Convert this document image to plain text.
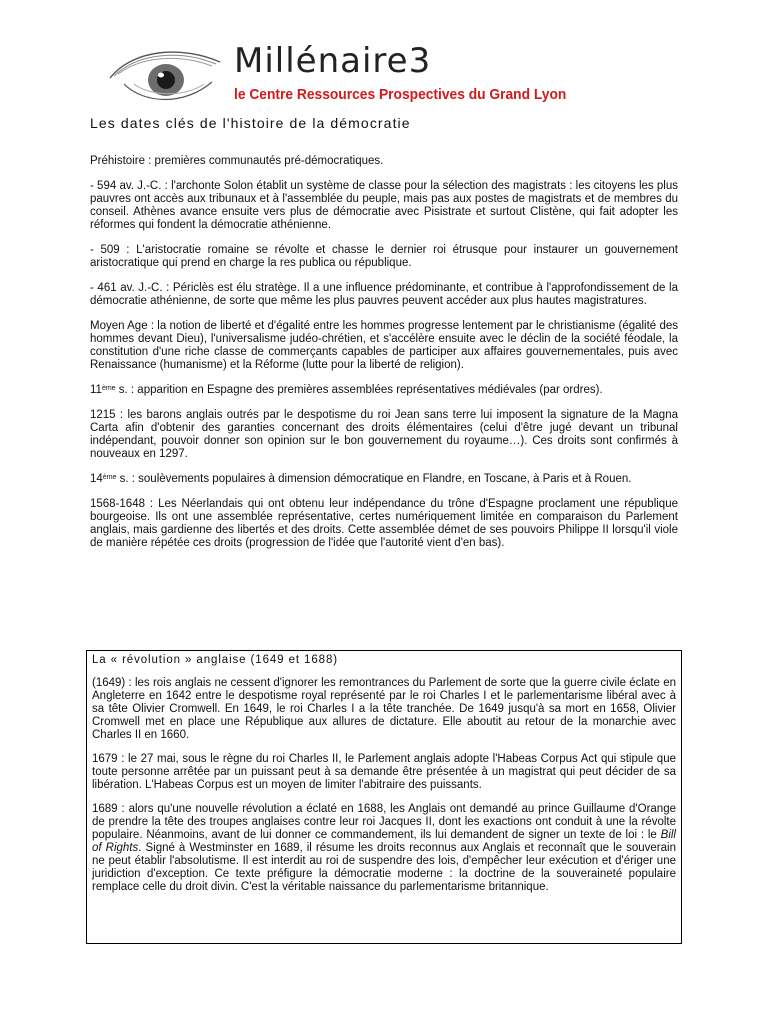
Millénaire3
le Centre Ressources Prospectives du Grand Lyon
Les dates clés de l'histoire de la démocratie

Préhistoire : premières communautés pré-démocratiques.

- 594 av. J.-C. : l'archonte Solon établit un système de classe pour la sélection des magistrats : les citoyens les plus pauvres ont accès aux tribunaux et à l'assemblée du peuple, mais pas aux postes de magistrats et de membres du conseil. Athènes avance ensuite vers plus de démocratie avec Pisistrate et surtout Clistène, qui fait adopter les réformes qui fondent la démocratie athénienne.

- 509 : L'aristocratie romaine se révolte et chasse le dernier roi étrusque pour instaurer un gouvernement aristocratique qui prend en charge la res publica ou république.

- 461 av. J.-C. : Périclès est élu stratège. Il a une influence prédominante, et contribue à l'approfondissement de la démocratie athénienne, de sorte que même les plus pauvres peuvent accéder aux plus hautes magistratures.

Moyen Age : la notion de liberté et d'égalité entre les hommes progresse lentement par le christianisme (égalité des hommes devant Dieu), l'universalisme judéo-chrétien, et s'accélère ensuite avec le déclin de la société féodale, la constitution d'une riche classe de commerçants capables de participer aux affaires gouvernementales, puis avec Renaissance (humanisme) et la Réforme (lutte pour la liberté de religion).

11ème s. : apparition en Espagne des premières assemblées représentatives médiévales (par ordres).

1215 : les barons anglais outrés par le despotisme du roi Jean sans terre lui imposent la signature de la Magna Carta afin d'obtenir des garanties concernant des droits élémentaires (celui d'être jugé devant un tribunal indépendant, pouvoir donner son opinion sur le bon gouvernement du royaume…). Ces droits sont confirmés à nouveaux en 1297.

14ème s. : soulèvements populaires à dimension démocratique en Flandre, en Toscane, à Paris et à Rouen.

1568-1648 : Les Néerlandais qui ont obtenu leur indépendance du trône d'Espagne proclament une république bourgeoise. Ils ont une assemblée représentative, certes numériquement limitée en comparaison du Parlement anglais, mais gardienne des libertés et des droits. Cette assemblée démet de ses pouvoirs Philippe II lorsqu'il viole de manière répétée ces droits (progression de l'idée que l'autorité vient d'en bas).

La « révolution » anglaise (1649 et 1688)

(1649) : les rois anglais ne cessent d'ignorer les remontrances du Parlement de sorte que la guerre civile éclate en Angleterre en 1642 entre le despotisme royal représenté par le roi Charles I et le parlementarisme libéral avec à sa tête Olivier Cromwell. En 1649, le roi Charles I a la tête tranchée. De 1649 jusqu'à sa mort en 1658, Olivier Cromwell met en place une République aux allures de dictature. Elle aboutit au retour de la monarchie avec Charles II en 1660.

1679 : le 27 mai, sous le règne du roi Charles II, le Parlement anglais adopte l'Habeas Corpus Act qui stipule que toute personne arrêtée par un puissant peut à sa demande être présentée à un magistrat qui peut décider de sa libération. L'Habeas Corpus est un moyen de limiter l'abitraire des puissants.

1689 : alors qu'une nouvelle révolution a éclaté en 1688, les Anglais ont demandé au prince Guillaume d'Orange de prendre la tête des troupes anglaises contre leur roi Jacques II, dont les exactions ont conduit à une la révolte populaire. Néanmoins, avant de lui donner ce commandement, ils lui demandent de signer un texte de loi : le Bill of Rights. Signé à Westminster en 1689, il résume les droits reconnus aux Anglais et reconnaît que le souverain ne peut établir l'absolutisme. Il est interdit au roi de suspendre des lois, d'empêcher leur exécution et d'ériger une juridiction d'exception. Ce texte préfigure la démocratie moderne : la doctrine de la souveraineté populaire remplace celle du droit divin. C'est la véritable naissance du parlementarisme britannique.
